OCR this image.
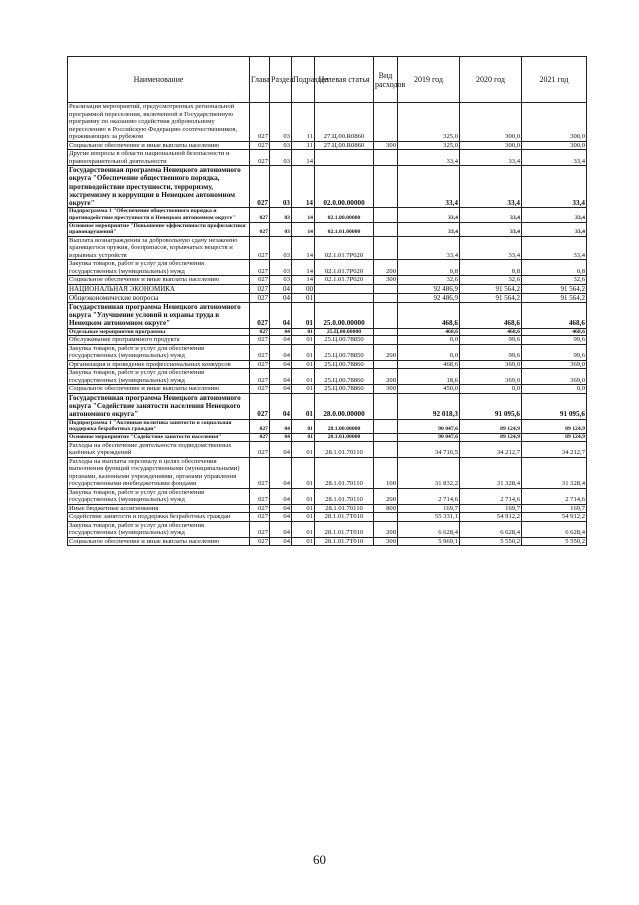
Наименование	Глава	Раздел	Подраздел	Целевая статья	Вид расходов	2019 год	2020 год	2021 год
Реализация мероприятий, предусмотренных региональной программой переселения, включенной в Государственную программу по оказанию содействия добровольному переселению в Российскую Федерацию соотечественников, проживающих за рубежом	027	03	11	27.Ц.00.R0860		325,0	300,0	300,0
Социальное обеспечение и иные выплаты населению	027	03	11	27.Ц.00.R0860	300	325,0	300,0	300,0
Другие вопросы в области национальной безопасности и правоохранительной деятельности	027	03	14			33,4	33,4	33,4
Государственная программа Ненецкого автономного округа "Обеспечение общественного порядка, противодействие преступности, терроризму, экстремизму и коррупции в Ненецком автономном округе"	027	03	14	02.0.00.00000		33,4	33,4	33,4
Подпрограмма 1 "Обеспечение общественного порядка и противодействие преступности в Ненецком автономном округе"	027	03	14	02.1.00.00000		33,4	33,4	33,4
Основное мероприятие "Повышение эффективности профилактики правонарушений"	027	03	14	02.1.01.00000		33,4	33,4	33,4
Выплата вознаграждения за добровольную сдачу незаконно хранящегося оружия, боеприпасов, взрывчатых веществ и взрывных устройств	027	03	14	02.1.01.7Р020		33,4	33,4	33,4
Закупка товаров, работ и услуг для обеспечения государственных (муниципальных) нужд	027	03	14	02.1.01.7Р020	200	0,8	0,8	0,8
Социальное обеспечение и иные выплаты населению	027	03	14	02.1.01.7Р020	300	32,6	32,6	32,6
НАЦИОНАЛЬНАЯ ЭКОНОМИКА	027	04	00			92 486,9	91 564,2	91 564,2
Общеэкономические вопросы	027	04	01			92 486,9	91 564,2	91 564,2
Государственная программа Ненецкого автономного округа "Улучшение условий и охраны труда в Ненецком автономном округе"	027	04	01	25.0.00.00000		468,6	468,6	468,6
Отдельные мероприятия программы	027	04	01	25.Ц.00.00000		468,6	468,6	468,6
Обслуживание программного продукта	027	04	01	25.Ц.00.78850		0,0	99,6	99,6
Закупка товаров, работ и услуг для обеспечения государственных (муниципальных) нужд	027	04	01	25.Ц.00.78850	200	0,0	99,6	99,6
Организация и проведение профессиональных конкурсов	027	04	01	25.Ц.00.78860		468,6	369,0	369,0
Закупка товаров, работ и услуг для обеспечения государственных (муниципальных) нужд	027	04	01	25.Ц.00.78860	200	18,6	369,0	369,0
Социальное обеспечение и иные выплаты населению	027	04	01	25.Ц.00.78860	300	450,0	0,0	0,0
Государственная программа Ненецкого автономного округа "Содействие занятости населения Ненецкого автономного округа"	027	04	01	28.0.00.00000		92 018,3	91 095,6	91 095,6
Подпрограмма 1 "Активная политика занятости и социальная поддержка безработных граждан"	027	04	01	28.1.00.00000		90 047,6	89 124,9	89 124,9
Основное мероприятие "Содействие занятости населения"	027	04	01	28.1.01.00000		90 047,6	89 124,9	89 124,9
Расходы на обеспечение деятельности подведомственных казённых учреждений	027	04	01	28.1.01.70110		34 716,5	34 212,7	34 212,7
Расходы на выплаты персоналу в целях обеспечения выполнения функций государственными (муниципальными) органами, казенными учреждениями, органами управления государственными внебюджетными фондами	027	04	01	28.1.01.70110	100	31 832,2	31 328,4	31 328,4
Закупка товаров, работ и услуг для обеспечения государственных (муниципальных) нужд	027	04	01	28.1.01.70110	200	2 714,6	2 714,6	2 714,6
Иные бюджетные ассигнования	027	04	01	28.1.01.70110	800	169,7	169,7	169,7
Содействие занятости и поддержка безработных граждан	027	04	01	28.1.01.7Т010		55 331,1	54 912,2	54 912,2
Закупка товаров, работ и услуг для обеспечения государственных (муниципальных) нужд	027	04	01	28.1.01.7Т010	200	6 628,4	6 628,4	6 628,4
Социальное обеспечение и иные выплаты населению	027	04	01	28.1.01.7Т010	300	5 969,1	5 550,2	5 550,2
60
